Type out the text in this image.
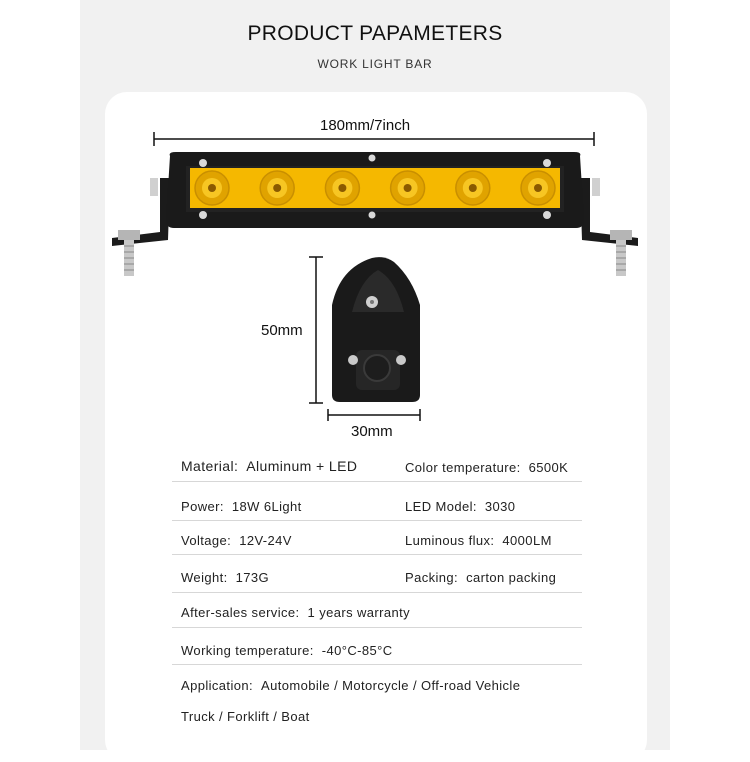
PRODUCT PAPAMETERS
WORK LIGHT BAR
180mm/7inch
50mm
30mm
Material: Aluminum + LED	Color temperature: 6500K
Power: 18W 6Light	LED Model: 3030
Voltage: 12V-24V	Luminous flux: 4000LM
Weight: 173G	Packing: carton packing
After-sales service: 1 years warranty
Working temperature: -40°C-85°C
Application: Automobile / Motorcycle / Off-road Vehicle
Truck / Forklift / Boat
